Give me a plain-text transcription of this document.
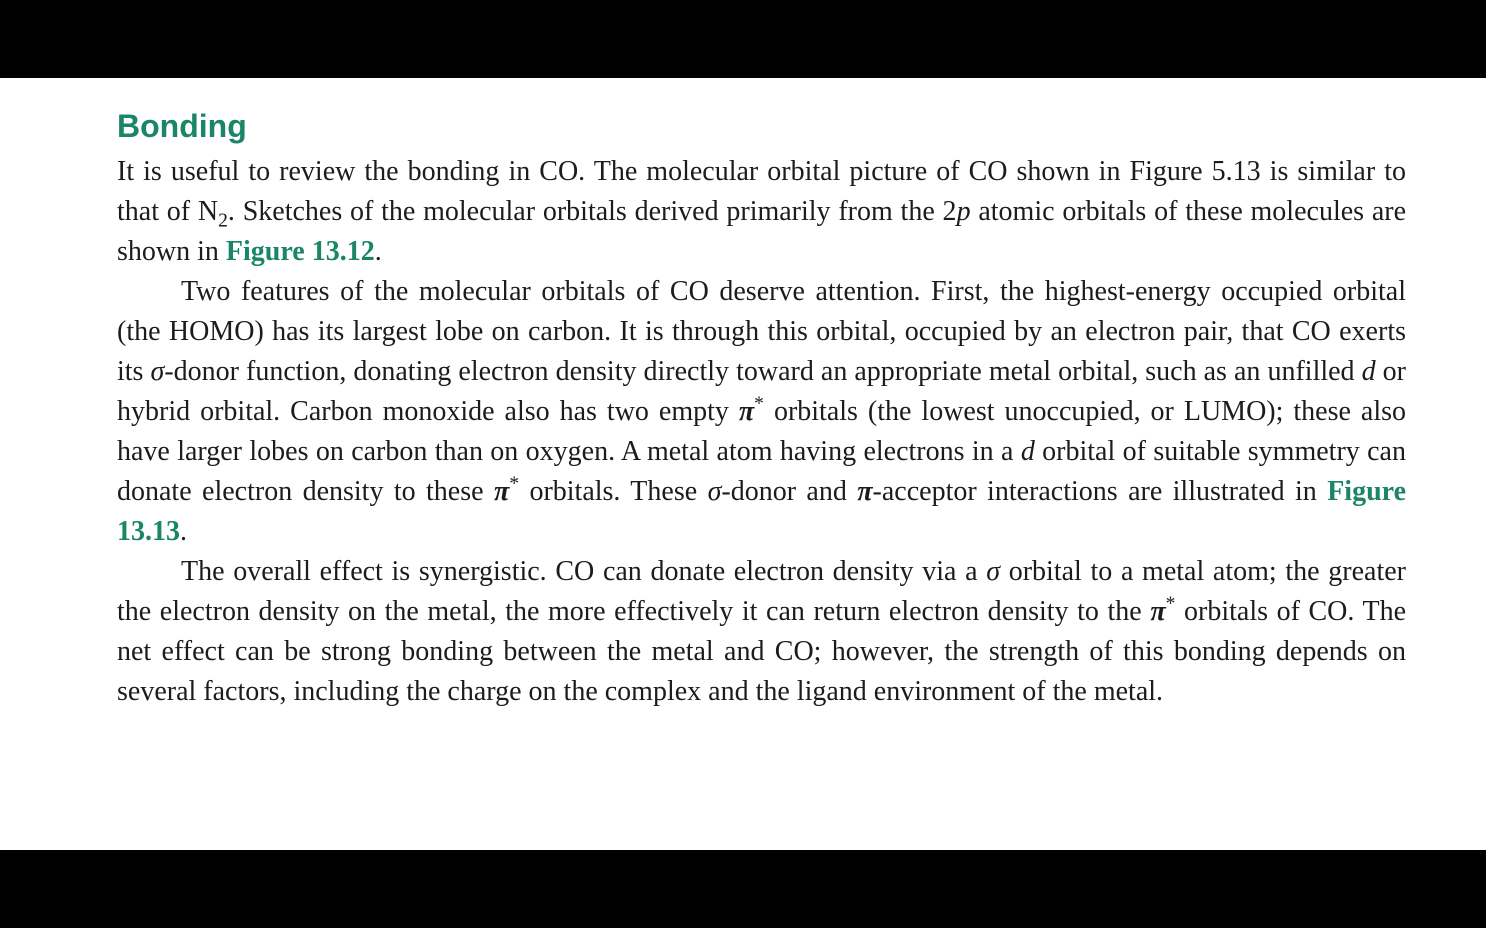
Bonding

It is useful to review the bonding in CO. The molecular orbital picture of CO shown in Figure 5.13 is similar to that of $N_2$. Sketches of the molecular orbitals derived primarily from the 2p atomic orbitals of these molecules are shown in Figure 13.12.

Two features of the molecular orbitals of CO deserve attention. First, the highest-energy occupied orbital (the HOMO) has its largest lobe on carbon. It is through this orbital, occupied by an electron pair, that CO exerts its σ-donor function, donating electron density directly toward an appropriate metal orbital, such as an unfilled d or hybrid orbital. Carbon monoxide also has two empty π* orbitals (the lowest unoccupied, or LUMO); these also have larger lobes on carbon than on oxygen. A metal atom having electrons in a d orbital of suitable symmetry can donate electron density to these π* orbitals. These σ-donor and π-acceptor interactions are illustrated in Figure 13.13.

The overall effect is synergistic. CO can donate electron density via a σ orbital to a metal atom; the greater the electron density on the metal, the more effectively it can return electron density to the π* orbitals of CO. The net effect can be strong bonding between the metal and CO; however, the strength of this bonding depends on several factors, including the charge on the complex and the ligand environment of the metal.
